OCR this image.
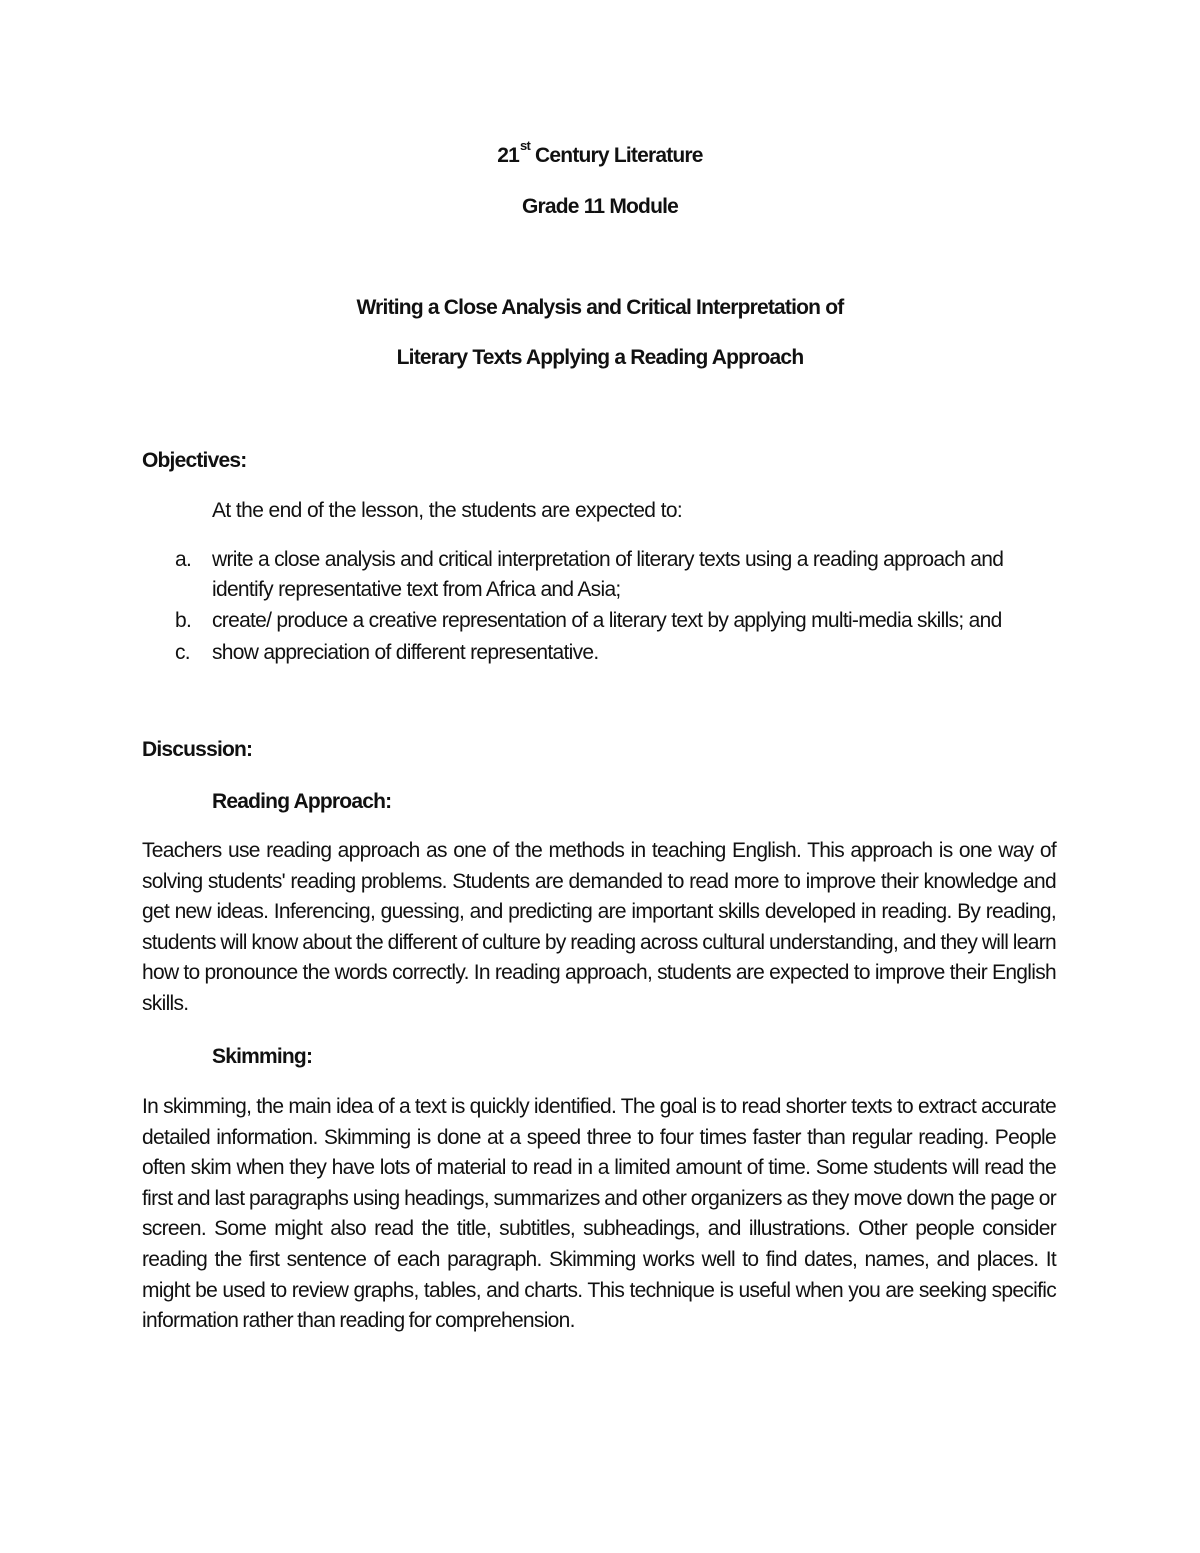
21st Century Literature
Grade 11 Module
Writing a Close Analysis and Critical Interpretation of
Literary Texts Applying a Reading Approach
Objectives:
At the end of the lesson, the students are expected to:
a. write a close analysis and critical interpretation of literary texts using a reading approach and identify representative text from Africa and Asia;
b. create/ produce a creative representation of a literary text by applying multi-media skills; and
c. show appreciation of different representative.
Discussion:
Reading Approach:
Teachers use reading approach as one of the methods in teaching English. This approach is one way of solving students' reading problems. Students are demanded to read more to improve their knowledge and get new ideas. Inferencing, guessing, and predicting are important skills developed in reading. By reading, students will know about the different of culture by reading across cultural understanding, and they will learn how to pronounce the words correctly. In reading approach, students are expected to improve their English skills.
Skimming:
In skimming, the main idea of a text is quickly identified. The goal is to read shorter texts to extract accurate detailed information. Skimming is done at a speed three to four times faster than regular reading. People often skim when they have lots of material to read in a limited amount of time. Some students will read the first and last paragraphs using headings, summarizes and other organizers as they move down the page or screen. Some might also read the title, subtitles, subheadings, and illustrations. Other people consider reading the first sentence of each paragraph. Skimming works well to find dates, names, and places. It might be used to review graphs, tables, and charts. This technique is useful when you are seeking specific information rather than reading for comprehension.
